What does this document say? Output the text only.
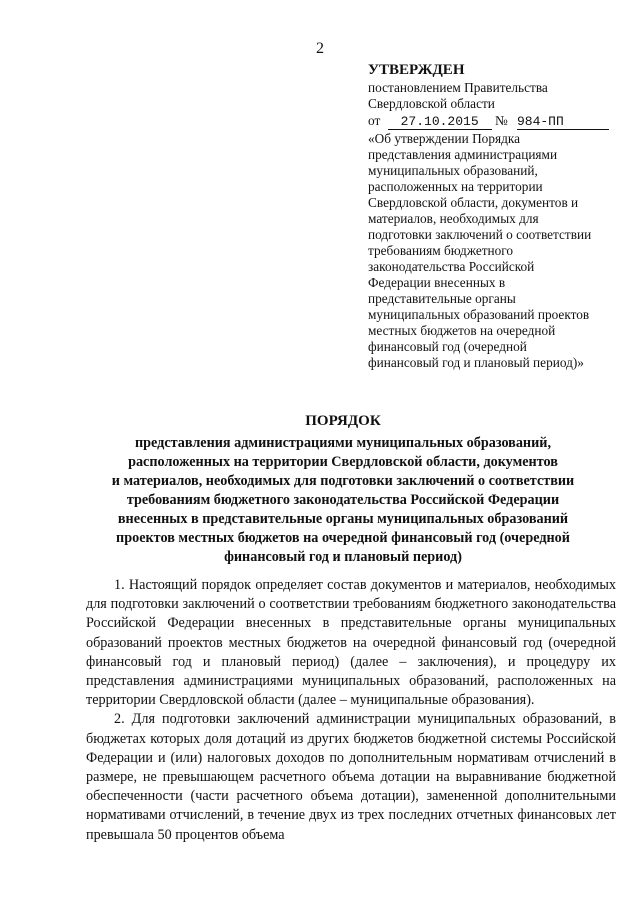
2
УТВЕРЖДЕН
постановлением Правительства
Свердловской области
от 27.10.2015 № 984-ПП
«Об утверждении Порядка
представления администрациями
муниципальных образований,
расположенных на территории
Свердловской области, документов и
материалов, необходимых для
подготовки заключений о соответствии
требованиям бюджетного
законодательства Российской
Федерации внесенных в
представительные органы
муниципальных образований проектов
местных бюджетов на очередной
финансовый год (очередной
финансовый год и плановый период)»
ПОРЯДОК
представления администрациями муниципальных образований,
расположенных на территории Свердловской области, документов
и материалов, необходимых для подготовки заключений о соответствии
требованиям бюджетного законодательства Российской Федерации
внесенных в представительные органы муниципальных образований
проектов местных бюджетов на очередной финансовый год (очередной
финансовый год и плановый период)

1. Настоящий порядок определяет состав документов и материалов, необходимых для подготовки заключений о соответствии требованиям бюджетного законодательства Российской Федерации внесенных в представительные органы муниципальных образований проектов местных бюджетов на очередной финансовый год (очередной финансовый год и плановый период) (далее – заключения), и процедуру их представления администрациями муниципальных образований, расположенных на территории Свердловской области (далее – муниципальные образования).

2. Для подготовки заключений администрации муниципальных образований, в бюджетах которых доля дотаций из других бюджетов бюджетной системы Российской Федерации и (или) налоговых доходов по дополнительным нормативам отчислений в размере, не превышающем расчетного объема дотации на выравнивание бюджетной обеспеченности (части расчетного объема дотации), замененной дополнительными нормативами отчислений, в течение двух из трех последних отчетных финансовых лет превышала 50 процентов объема
